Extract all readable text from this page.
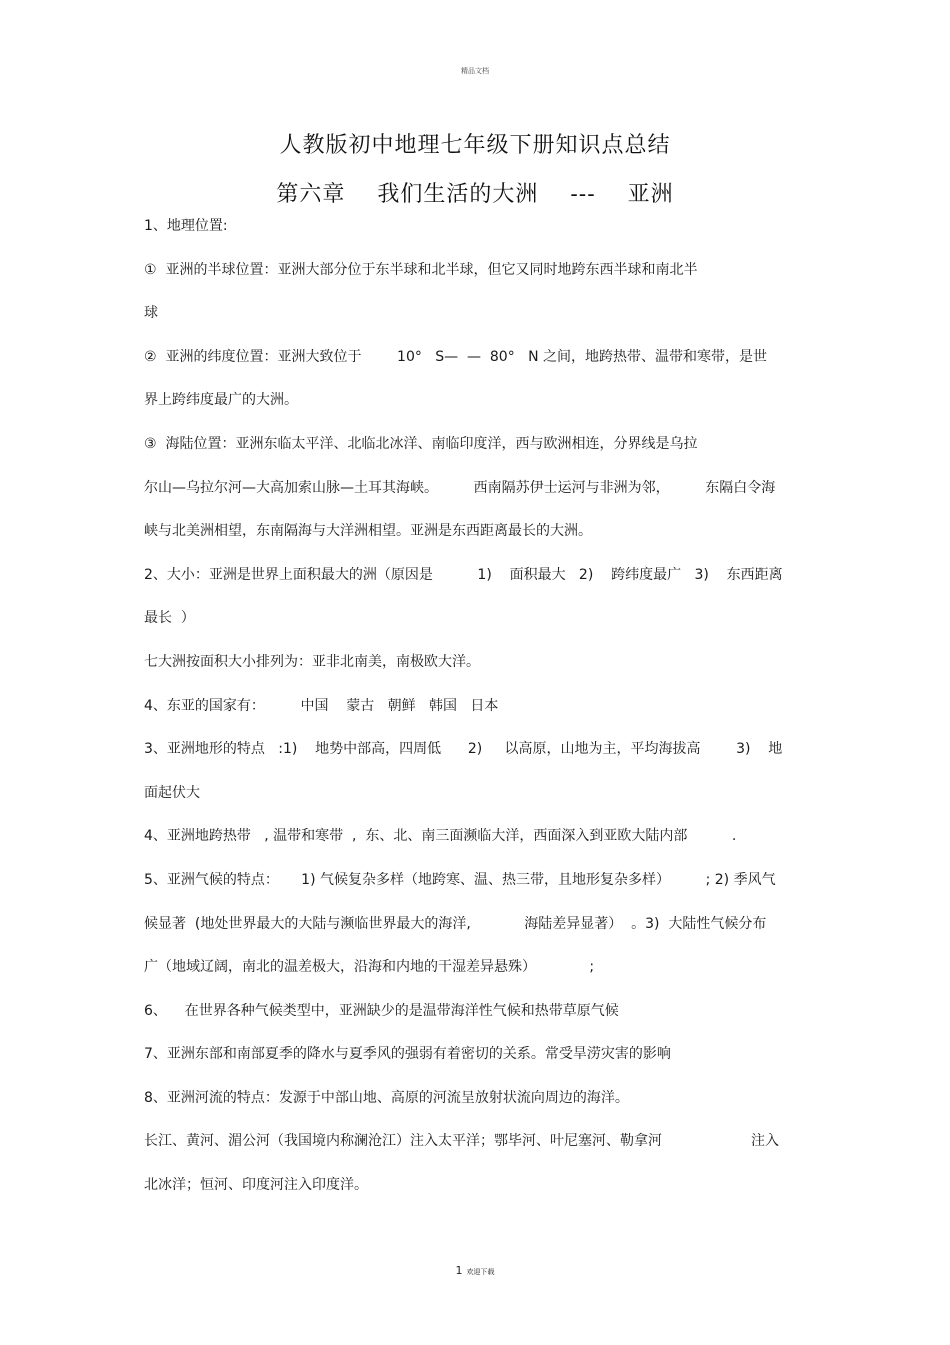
精品文档
人教版初中地理七年级下册知识点总结
第六章    我们生活的大洲    ---    亚洲
1、地理位置:
①  亚洲的半球位置：亚洲大部分位于东半球和北半球，但它又同时地跨东西半球和南北半
球
②  亚洲的纬度位置：亚洲大致位于        10°   S—  —  80°   N 之间，地跨热带、温带和寒带，是世
界上跨纬度最广的大洲。
③  海陆位置：亚洲东临太平洋、北临北冰洋、南临印度洋，西与欧洲相连，分界线是乌拉
尔山—乌拉尔河—大高加索山脉—土耳其海峡。        西南隔苏伊士运河与非洲为邻，        东隔白令海
峡与北美洲相望，东南隔海与大洋洲相望。亚洲是东西距离最长的大洲。
2、大小：亚洲是世界上面积最大的洲（原因是          1)    面积最大   2)    跨纬度最广   3)    东西距离
最长  ）
七大洲按面积大小排列为：亚非北南美，南极欧大洋。
4、东亚的国家有：        中国    蒙古   朝鲜   韩国   日本
3、亚洲地形的特点   :1)    地势中部高，四周低      2)     以高原，山地为主，平均海拔高        3)    地
面起伏大
4、亚洲地跨热带   , 温带和寒带  ,  东、北、南三面濒临大洋，西面深入到亚欧大陆内部          .
5、亚洲气候的特点：     1) 气候复杂多样（地跨寒、温、热三带，且地形复杂多样）        ; 2) 季风气
候显著  (地处世界最大的大陆与濒临世界最大的海洋,            海陆差异显著）  。3)  大陆性气候分布
广（地域辽阔，南北的温差极大，沿海和内地的干湿差异悬殊）            ;
6、    在世界各种气候类型中，亚洲缺少的是温带海洋性气候和热带草原气候
7、亚洲东部和南部夏季的降水与夏季风的强弱有着密切的关系。常受旱涝灾害的影响
8、亚洲河流的特点：发源于中部山地、高原的河流呈放射状流向周边的海洋。
长江、黄河、湄公河（我国境内称澜沧江）注入太平洋；鄂毕河、叶尼塞河、勒拿河                    注入
北冰洋；恒河、印度河注入印度洋。
1 欢迎下载
